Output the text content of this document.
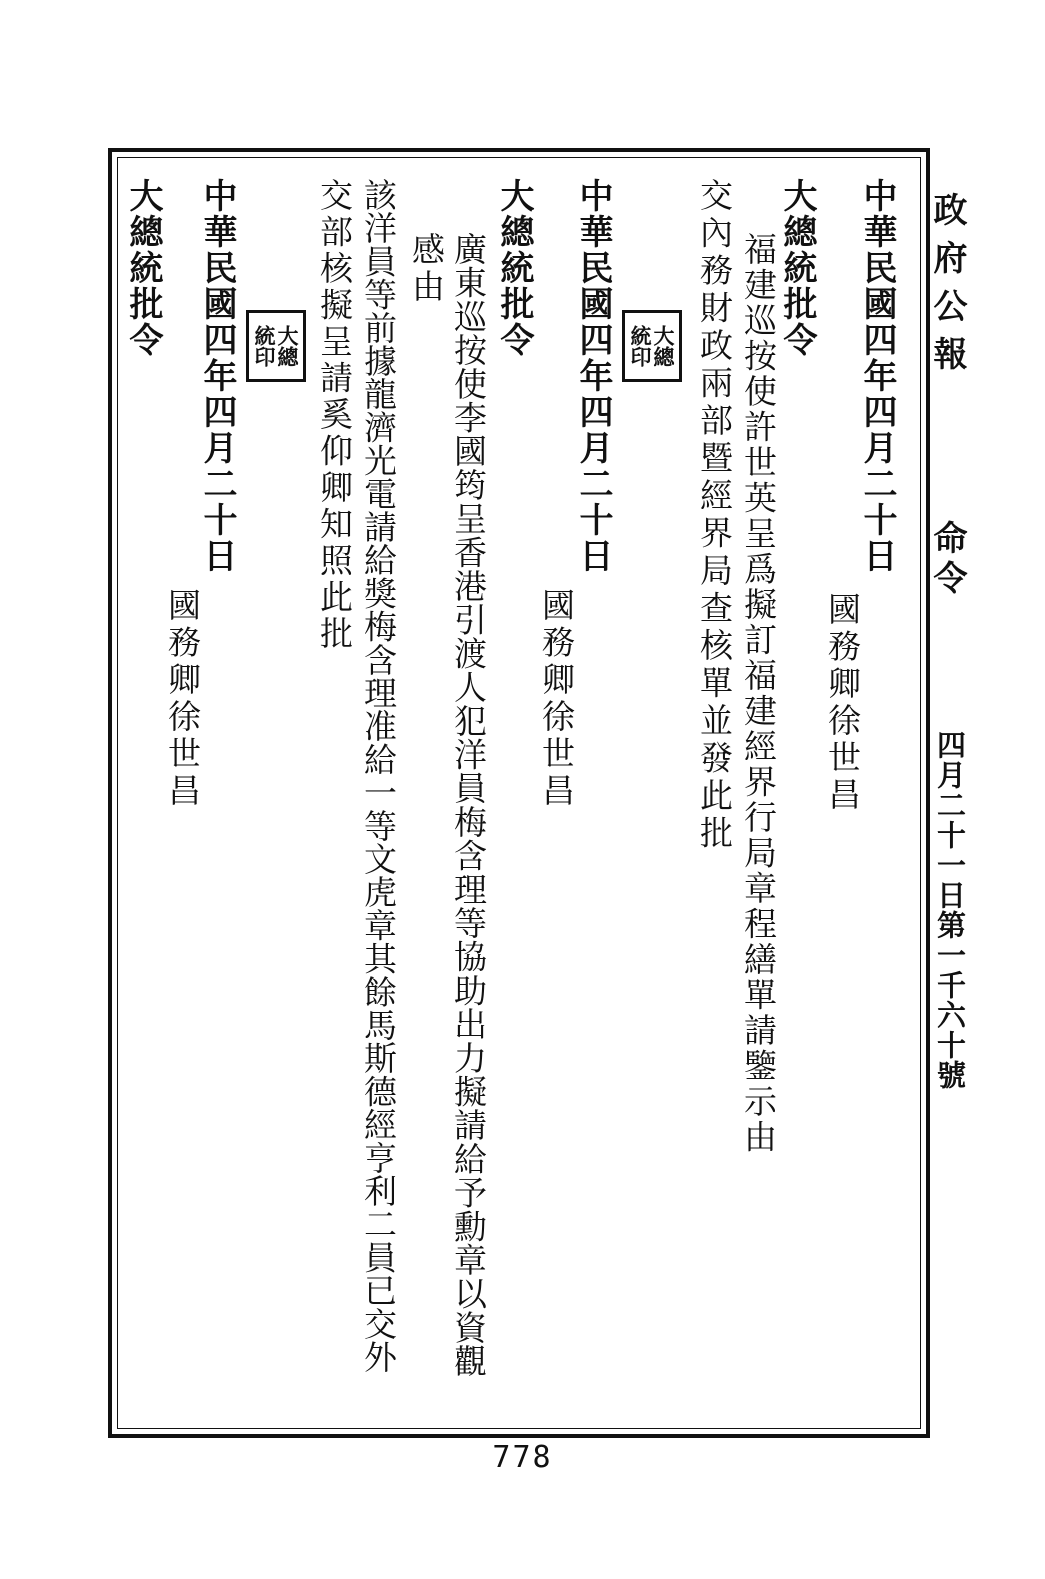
政府公報
命令
四月二十一日第一千六十號
中華民國四年四月二十日
國務卿徐世昌
大總統批令
福建巡按使許世英呈爲擬訂福建經界行局章程繕單請鑒示由
交內務財政兩部暨經界局查核單並發此批
大總
統印
中華民國四年四月二十日
國務卿徐世昌
大總統批令
廣東巡按使李國筠呈香港引渡人犯洋員梅含理等協助出力擬請給予勳章以資觀
感由
該洋員等前據龍濟光電請給獎梅含理准給一等文虎章其餘馬斯德經亨利二員已交外
交部核擬呈請奚仰卿知照此批
大總
統印
中華民國四年四月二十日
國務卿徐世昌
大總統批令
778
